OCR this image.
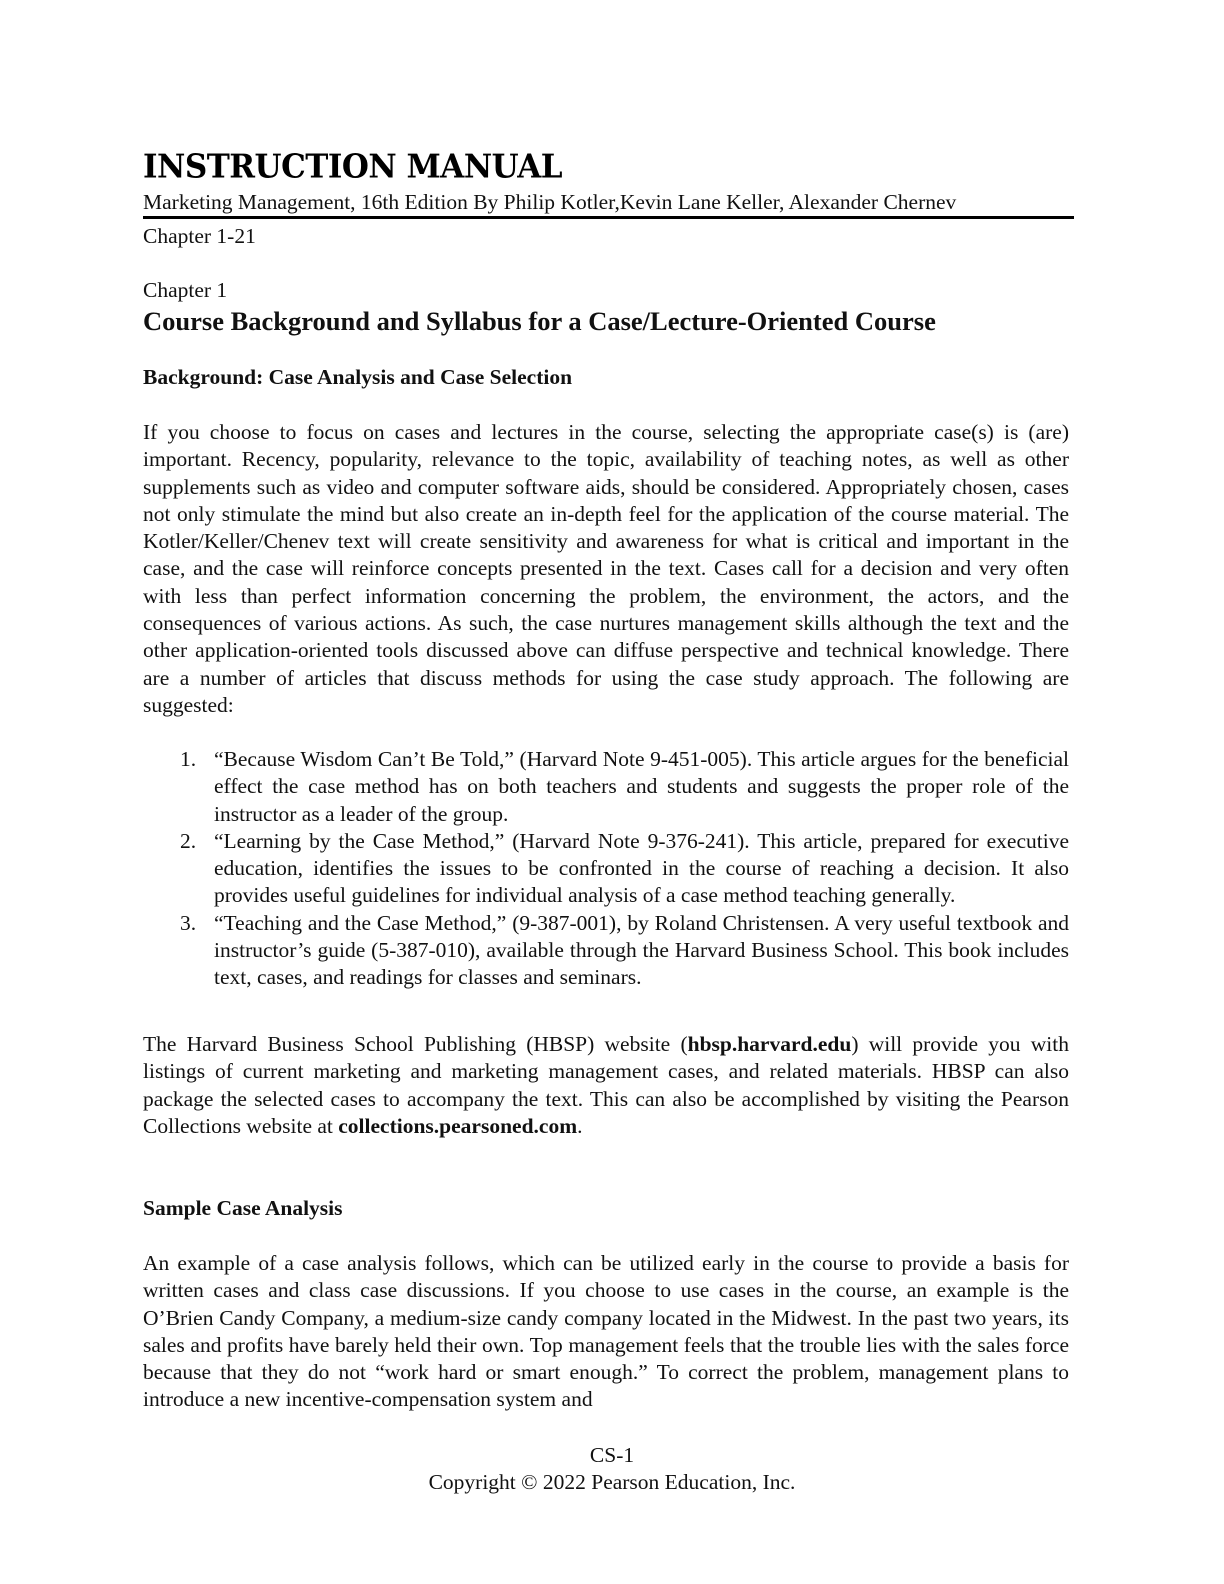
INSTRUCTION MANUAL
Marketing Management, 16th Edition By Philip Kotler,Kevin Lane Keller, Alexander Chernev
Chapter 1-21
Chapter 1
Course Background and Syllabus for a Case/Lecture-Oriented Course
Background: Case Analysis and Case Selection

If you choose to focus on cases and lectures in the course, selecting the appropriate case(s) is (are) important. Recency, popularity, relevance to the topic, availability of teaching notes, as well as other supplements such as video and computer software aids, should be considered. Appropriately chosen, cases not only stimulate the mind but also create an in-depth feel for the application of the course material. The Kotler/Keller/Chenev text will create sensitivity and awareness for what is critical and important in the case, and the case will reinforce concepts presented in the text. Cases call for a decision and very often with less than perfect information concerning the problem, the environment, the actors, and the consequences of various actions. As such, the case nurtures management skills although the text and the other application-oriented tools discussed above can diffuse perspective and technical knowledge. There are a number of articles that discuss methods for using the case study approach. The following are suggested:

1. “Because Wisdom Can’t Be Told,” (Harvard Note 9-451-005). This article argues for the beneficial effect the case method has on both teachers and students and suggests the proper role of the instructor as a leader of the group.
2. “Learning by the Case Method,” (Harvard Note 9-376-241). This article, prepared for executive education, identifies the issues to be confronted in the course of reaching a decision. It also provides useful guidelines for individual analysis of a case method teaching generally.
3. “Teaching and the Case Method,” (9-387-001), by Roland Christensen. A very useful textbook and instructor’s guide (5-387-010), available through the Harvard Business School. This book includes text, cases, and readings for classes and seminars.

The Harvard Business School Publishing (HBSP) website (hbsp.harvard.edu) will provide you with listings of current marketing and marketing management cases, and related materials. HBSP can also package the selected cases to accompany the text. This can also be accomplished by visiting the Pearson Collections website at collections.pearsoned.com.

Sample Case Analysis

An example of a case analysis follows, which can be utilized early in the course to provide a basis for written cases and class case discussions. If you choose to use cases in the course, an example is the O’Brien Candy Company, a medium-size candy company located in the Midwest. In the past two years, its sales and profits have barely held their own. Top management feels that the trouble lies with the sales force because that they do not “work hard or smart enough.” To correct the problem, management plans to introduce a new incentive-compensation system and

CS-1
Copyright © 2022 Pearson Education, Inc.
